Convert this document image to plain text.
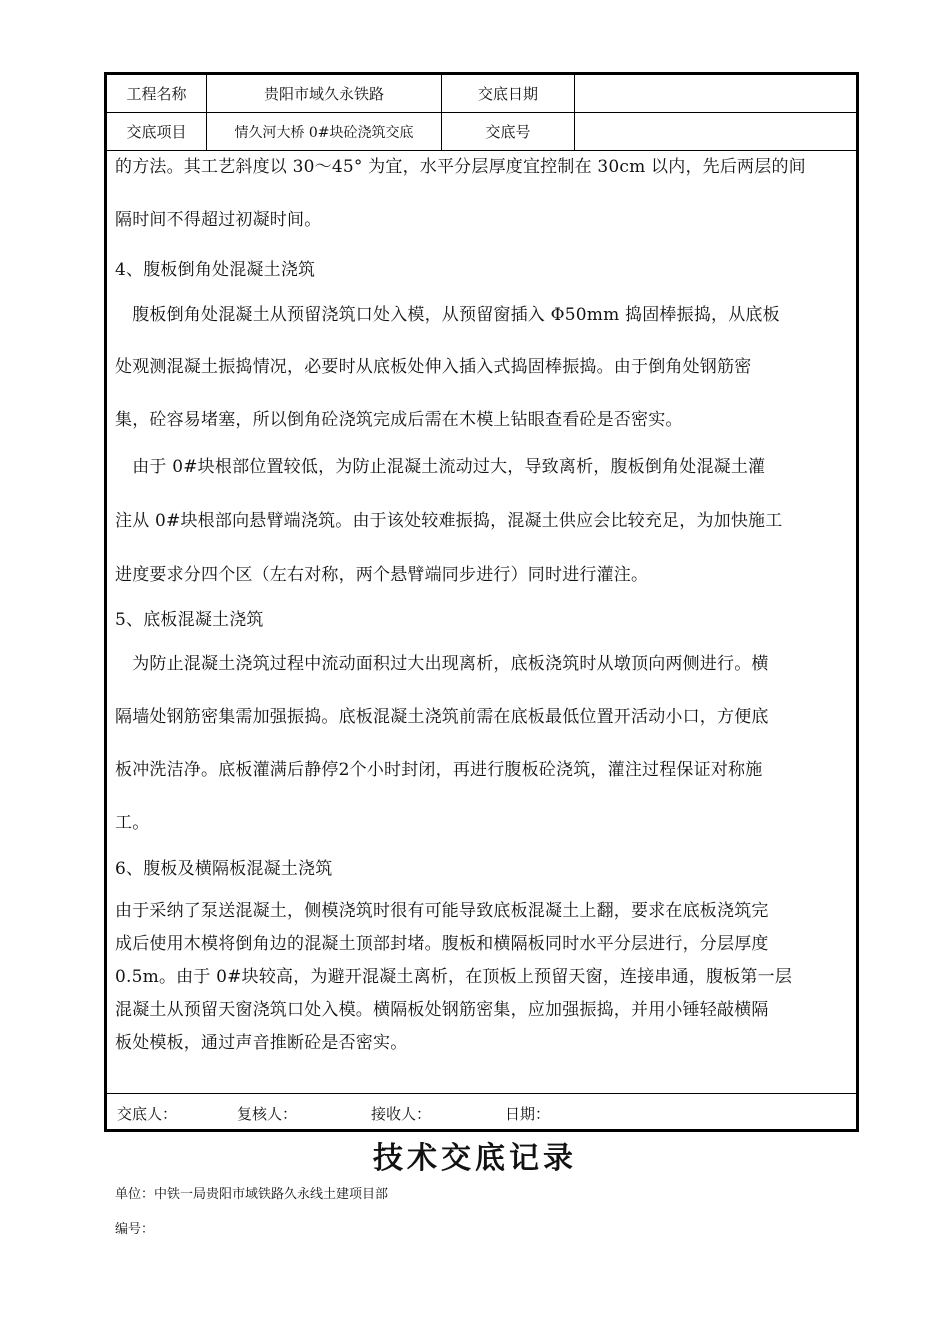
工程名称	贵阳市域久永铁路	交底日期
交底项目	情久河大桥 0#块砼浇筑交底	交底号
的方法。其工艺斜度以 30～45° 为宜，水平分层厚度宜控制在 30cm 以内，先后两层的间
隔时间不得超过初凝时间。
4、腹板倒角处混凝土浇筑
　腹板倒角处混凝土从预留浇筑口处入模，从预留窗插入 Φ50mm 捣固棒振捣，从底板
处观测混凝土振捣情况，必要时从底板处伸入插入式捣固棒振捣。由于倒角处钢筋密
集，砼容易堵塞，所以倒角砼浇筑完成后需在木模上钻眼查看砼是否密实。
　由于 0#块根部位置较低，为防止混凝土流动过大，导致离析，腹板倒角处混凝土灌
注从 0#块根部向悬臂端浇筑。由于该处较难振捣，混凝土供应会比较充足，为加快施工
进度要求分四个区（左右对称，两个悬臂端同步进行）同时进行灌注。
5、底板混凝土浇筑
　为防止混凝土浇筑过程中流动面积过大出现离析，底板浇筑时从墩顶向两侧进行。横
隔墙处钢筋密集需加强振捣。底板混凝土浇筑前需在底板最低位置开活动小口，方便底
板冲洗洁净。底板灌满后静停2个小时封闭，再进行腹板砼浇筑，灌注过程保证对称施
工。
6、腹板及横隔板混凝土浇筑
由于采纳了泵送混凝土，侧模浇筑时很有可能导致底板混凝土上翻，要求在底板浇筑完
成后使用木模将倒角边的混凝土顶部封堵。腹板和横隔板同时水平分层进行，分层厚度
0.5m。由于 0#块较高，为避开混凝土离析，在顶板上预留天窗，连接串通，腹板第一层
混凝土从预留天窗浇筑口处入模。横隔板处钢筋密集，应加强振捣，并用小锤轻敲横隔
板处模板，通过声音推断砼是否密实。
交底人：	复核人：	接收人：	日期：
技术交底记录
单位：中铁一局贵阳市域铁路久永线土建项目部
编号：
